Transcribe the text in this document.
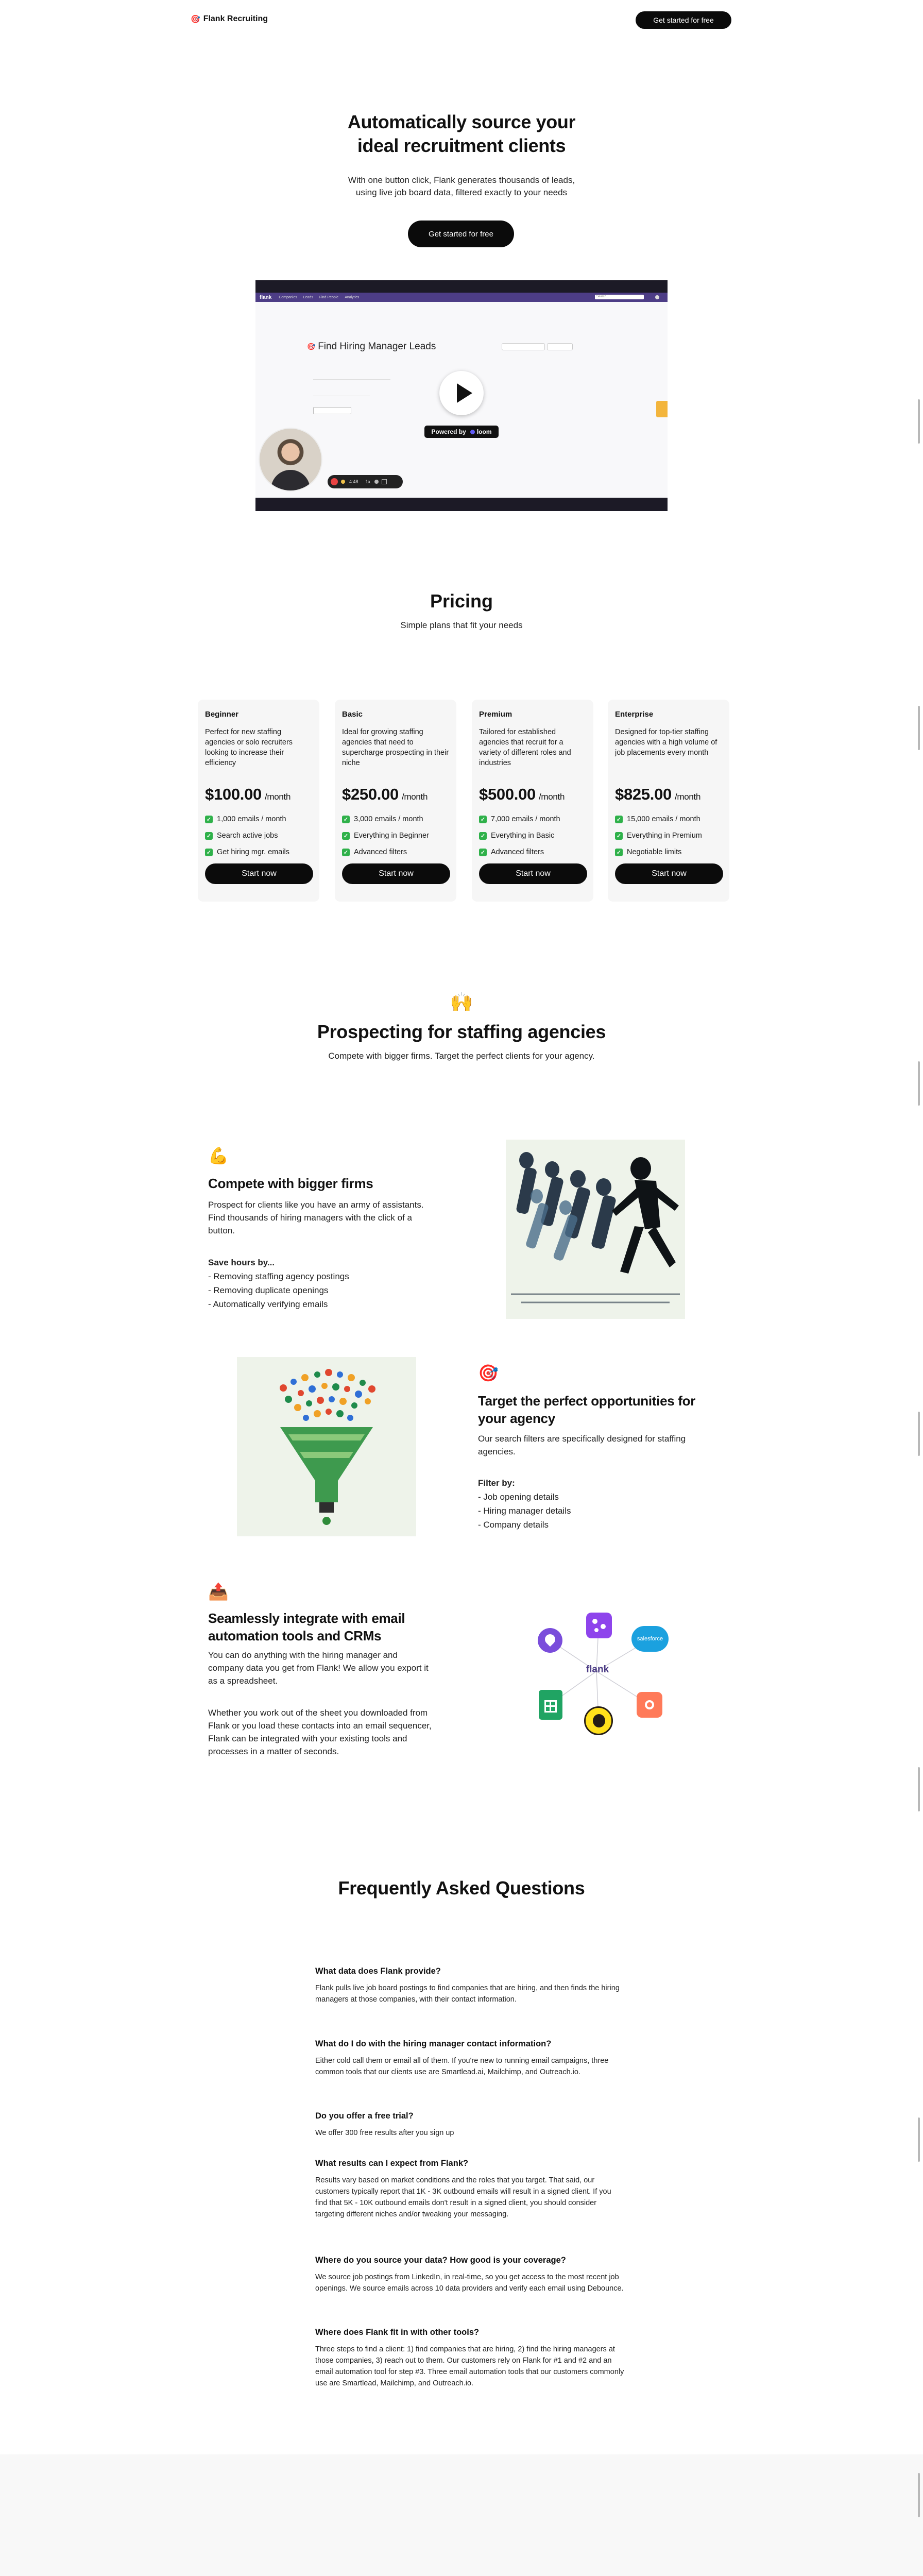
🎯 Flank Recruiting	Get started for free
Automatically source your
ideal recruitment clients
With one button click, Flank generates thousands of leads,
using live job board data, filtered exactly to your needs
Get started for free
flank Companies Leads Find People Analytics	Search...
🎯 Find Hiring Manager Leads
Powered by loom
4:48 1x
Pricing
Simple plans that fit your needs
Beginner
Perfect for new staffing agencies or solo recruiters looking to increase their efficiency
$100.00 /month
✓ 1,000 emails / month
✓ Search active jobs
✓ Get hiring mgr. emails
Start now
Basic
Ideal for growing staffing agencies that need to supercharge prospecting in their niche
$250.00 /month
✓ 3,000 emails / month
✓ Everything in Beginner
✓ Advanced filters
Start now
Premium
Tailored for established agencies that recruit for a variety of different roles and industries
$500.00 /month
✓ 7,000 emails / month
✓ Everything in Basic
✓ Advanced filters
Start now
Enterprise
Designed for top-tier staffing agencies with a high volume of job placements every month
$825.00 /month
✓ 15,000 emails / month
✓ Everything in Premium
✓ Negotiable limits
Start now
🙌
Prospecting for staffing agencies
Compete with bigger firms. Target the perfect clients for your agency.
💪
Compete with bigger firms
Prospect for clients like you have an army of assistants. Find thousands of hiring managers with the click of a button.
Save hours by...
- Removing staffing agency postings
- Removing duplicate openings
- Automatically verifying emails
🎯
Target the perfect opportunities for your agency
Our search filters are specifically designed for staffing agencies.
Filter by:
- Job opening details
- Hiring manager details
- Company details
📤
Seamlessly integrate with email automation tools and CRMs
You can do anything with the hiring manager and company data you get from Flank! We allow you export it as a spreadsheet.
Whether you work out of the sheet you downloaded from Flank or you load these contacts into an email sequencer, Flank can be integrated with your existing tools and processes in a matter of seconds.
flank
salesforce
Frequently Asked Questions
What data does Flank provide?
Flank pulls live job board postings to find companies that are hiring, and then finds the hiring managers at those companies, with their contact information.
What do I do with the hiring manager contact information?
Either cold call them or email all of them. If you're new to running email campaigns, three common tools that our clients use are Smartlead.ai, Mailchimp, and Outreach.io.
Do you offer a free trial?
We offer 300 free results after you sign up
What results can I expect from Flank?
Results vary based on market conditions and the roles that you target. That said, our customers typically report that 1K - 3K outbound emails will result in a signed client. If you find that 5K - 10K outbound emails don't result in a signed client, you should consider targeting different niches and/or tweaking your messaging.
Where do you source your data? How good is your coverage?
We source job postings from LinkedIn, in real-time, so you get access to the most recent job openings. We source emails across 10 data providers and verify each email using Debounce.
Where does Flank fit in with other tools?
Three steps to find a client: 1) find companies that are hiring, 2) find the hiring managers at those companies, 3) reach out to them. Our customers rely on Flank for #1 and #2 and an email automation tool for step #3. Three email automation tools that our customers commonly use are Smartlead, Mailchimp, and Outreach.io.
